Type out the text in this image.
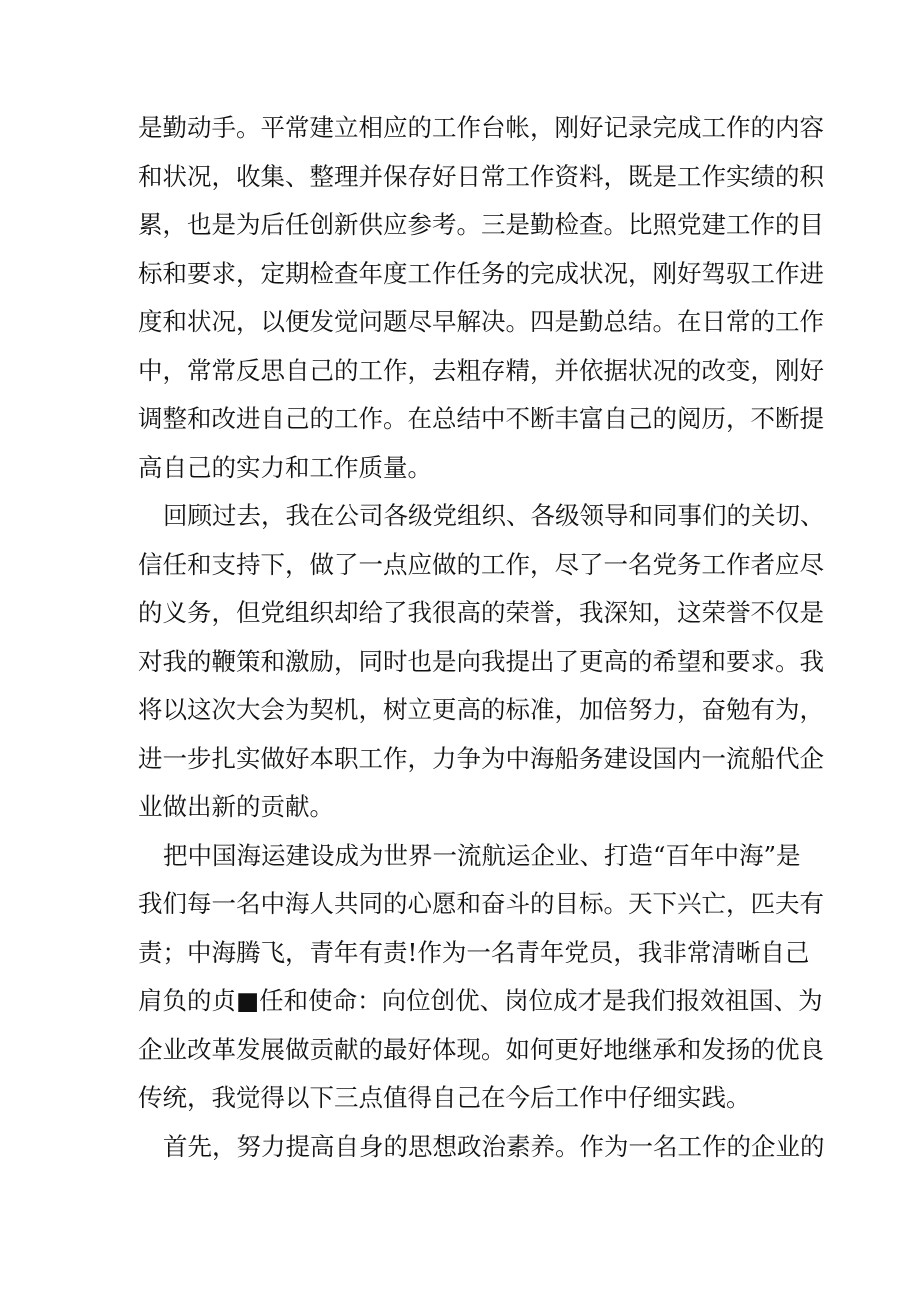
是勤动手。平常建立相应的工作台帐，刚好记录完成工作的内容
和状况，收集、整理并保存好日常工作资料，既是工作实绩的积
累，也是为后任创新供应参考。三是勤检查。比照党建工作的目
标和要求，定期检查年度工作任务的完成状况，刚好驾驭工作进
度和状况，以便发觉问题尽早解决。四是勤总结。在日常的工作
中，常常反思自己的工作，去粗存精，并依据状况的改变，刚好
调整和改进自己的工作。在总结中不断丰富自己的阅历，不断提
高自己的实力和工作质量。
回顾过去，我在公司各级党组织、各级领导和同事们的关切、
信任和支持下，做了一点应做的工作，尽了一名党务工作者应尽
的义务，但党组织却给了我很高的荣誉，我深知，这荣誉不仅是
对我的鞭策和激励，同时也是向我提出了更高的希望和要求。我
将以这次大会为契机，树立更高的标准，加倍努力，奋勉有为，
进一步扎实做好本职工作，力争为中海船务建设国内一流船代企
业做出新的贡献。
把中国海运建设成为世界一流航运企业、打造“百年中海”是
我们每一名中海人共同的心愿和奋斗的目标。天下兴亡，匹夫有
责；中海腾飞，青年有责!作为一名青年党员，我非常清晰自己
肩负的贞■任和使命：向位创优、岗位成才是我们报效祖国、为
企业改革发展做贡献的最好体现。如何更好地继承和发扬的优良
传统，我觉得以下三点值得自己在今后工作中仔细实践。
首先，努力提高自身的思想政治素养。作为一名工作的企业的
